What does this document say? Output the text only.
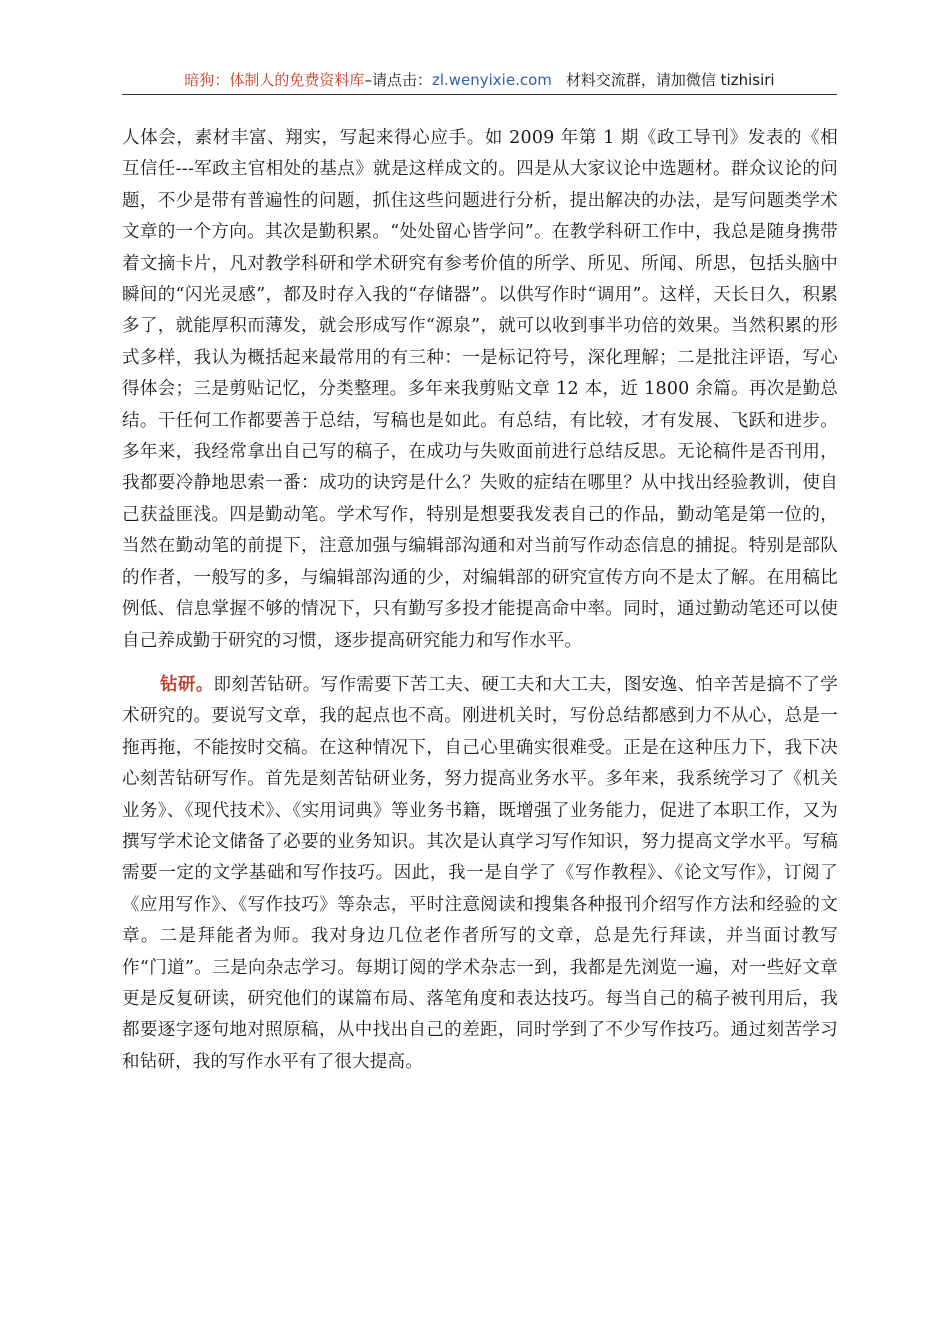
暗狗：体制人的免费资料库–请点击：zl.wenyixie.com 材料交流群，请加微信 tizhisiri

人体会，素材丰富、翔实，写起来得心应手。如 2009 年第 1 期《政工导刊》发表的《相互信任---军政主官相处的基点》就是这样成文的。四是从大家议论中选题材。群众议论的问题，不少是带有普遍性的问题，抓住这些问题进行分析，提出解决的办法，是写问题类学术文章的一个方向。其次是勤积累。“处处留心皆学问”。在教学科研工作中，我总是随身携带着文摘卡片，凡对教学科研和学术研究有参考价值的所学、所见、所闻、所思，包括头脑中瞬间的“闪光灵感”，都及时存入我的“存储器”。以供写作时“调用”。这样，天长日久，积累多了，就能厚积而薄发，就会形成写作“源泉”，就可以收到事半功倍的效果。当然积累的形式多样，我认为概括起来最常用的有三种：一是标记符号，深化理解；二是批注评语，写心得体会；三是剪贴记忆，分类整理。多年来我剪贴文章 12 本，近 1800 余篇。再次是勤总结。干任何工作都要善于总结，写稿也是如此。有总结，有比较，才有发展、飞跃和进步。多年来，我经常拿出自己写的稿子，在成功与失败面前进行总结反思。无论稿件是否刊用，我都要冷静地思索一番：成功的诀窍是什么？失败的症结在哪里？从中找出经验教训，使自己获益匪浅。四是勤动笔。学术写作，特别是想要我发表自己的作品，勤动笔是第一位的，当然在勤动笔的前提下，注意加强与编辑部沟通和对当前写作动态信息的捕捉。特别是部队的作者，一般写的多，与编辑部沟通的少，对编辑部的研究宣传方向不是太了解。在用稿比例低、信息掌握不够的情况下，只有勤写多投才能提高命中率。同时，通过勤动笔还可以使自己养成勤于研究的习惯，逐步提高研究能力和写作水平。

钻研。即刻苦钻研。写作需要下苦工夫、硬工夫和大工夫，图安逸、怕辛苦是搞不了学术研究的。要说写文章，我的起点也不高。刚进机关时，写份总结都感到力不从心，总是一拖再拖，不能按时交稿。在这种情况下，自己心里确实很难受。正是在这种压力下，我下决心刻苦钻研写作。首先是刻苦钻研业务，努力提高业务水平。多年来，我系统学习了《机关业务》、《现代技术》、《实用词典》等业务书籍，既增强了业务能力，促进了本职工作，又为撰写学术论文储备了必要的业务知识。其次是认真学习写作知识，努力提高文学水平。写稿需要一定的文学基础和写作技巧。因此，我一是自学了《写作教程》、《论文写作》，订阅了《应用写作》、《写作技巧》等杂志，平时注意阅读和搜集各种报刊介绍写作方法和经验的文章。二是拜能者为师。我对身边几位老作者所写的文章，总是先行拜读，并当面讨教写作“门道”。三是向杂志学习。每期订阅的学术杂志一到，我都是先浏览一遍，对一些好文章更是反复研读，研究他们的谋篇布局、落笔角度和表达技巧。每当自己的稿子被刊用后，我都要逐字逐句地对照原稿，从中找出自己的差距，同时学到了不少写作技巧。通过刻苦学习和钻研，我的写作水平有了很大提高。
